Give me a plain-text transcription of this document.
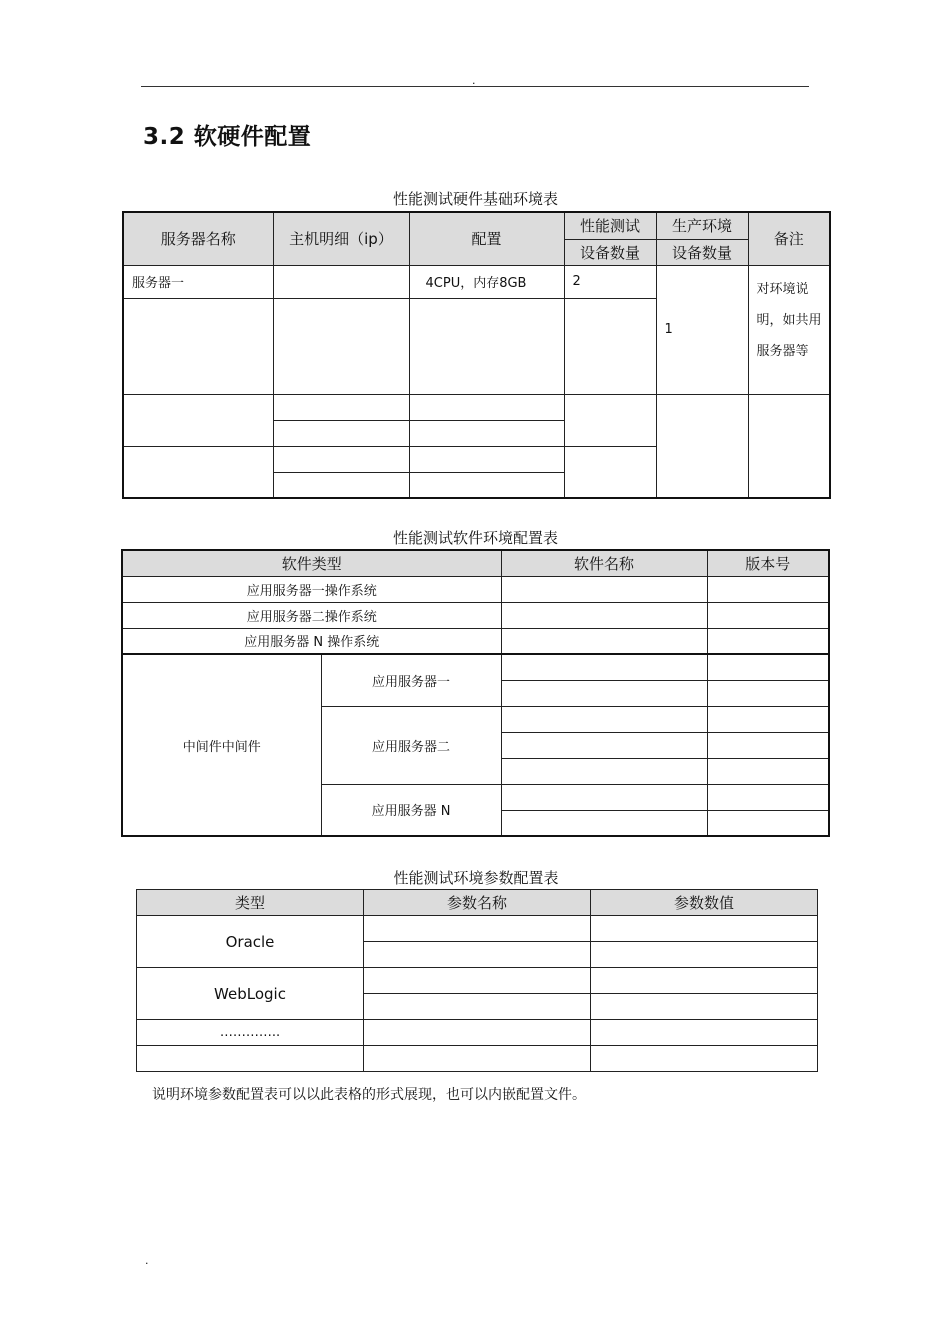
.
3.2 软硬件配置
性能测试硬件基础环境表
服务器名称	主机明细（ip）	配置	性能测试	生产环境	备注
			设备数量	设备数量	
服务器一		4CPU，内存8GB	2	1	对环境说明，如共用服务器等

性能测试软件环境配置表
软件类型		软件名称	版本号
应用服务器一操作系统			
应用服务器二操作系统			
应用服务器 N 操作系统			
中间件中间件	应用服务器一		

	应用服务器二		

	应用服务器 N		

性能测试环境参数配置表
类型	参数名称	参数数值
Oracle		

WebLogic		

…………..		

说明环境参数配置表可以以此表格的形式展现，也可以内嵌配置文件。
.
